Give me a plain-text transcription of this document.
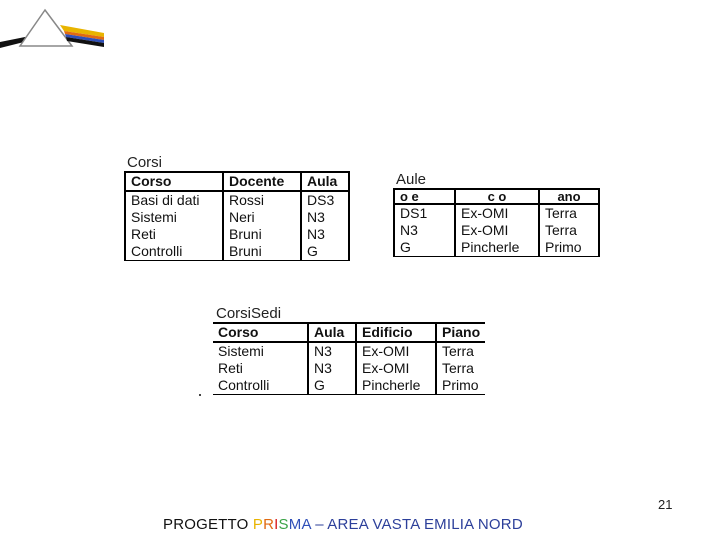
Corsi
Corso	Docente	Aula
Basi di dati	Rossi	DS3
Sistemi	Neri	N3
Reti	Bruni	N3
Controlli	Bruni	G
Aule
o e	c o	ano
DS1	Ex-OMI	Terra
N3	Ex-OMI	Terra
G	Pincherle	Primo
CorsiSedi
Corso	Aula	Edificio	Piano
Sistemi	N3	Ex-OMI	Terra
Reti	N3	Ex-OMI	Terra
Controlli	G	Pincherle	Primo
21
PROGETTO PRISMA – AREA VASTA EMILIA NORD
